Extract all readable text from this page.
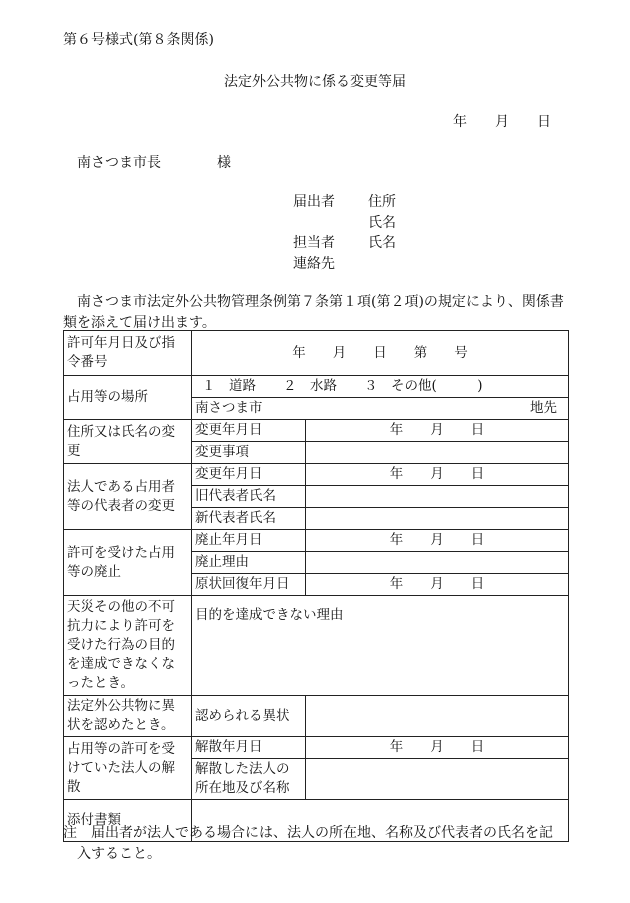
第６号様式(第８条関係)
法定外公共物に係る変更等届
年　　月　　日
南さつま市長	様
届出者 住所
氏名
担当者 氏名
連絡先
南さつま市法定外公共物管理条例第７条第１項(第２項)の規定により、関係書類を添えて届け出ます。
許可年月日及び指令番号	年　　月　　日　　第　　号	
占用等の場所	１　道路　　２　水路　　３　その他(　　　)	
	南さつま市 地先	

住所又は氏名の変更	変更年月日	年　　月　　日
	変更事項	
法人である占用者等の代表者の変更	変更年月日	年　　月　　日
	旧代表者氏名	
	新代表者氏名	
許可を受けた占用等の廃止	廃止年月日	年　　月　　日
	廃止理由	
	原状回復年月日	年　　月　　日
天災その他の不可抗力により許可を受けた行為の目的を達成できなくなったとき。	目的を達成できない理由	
法定外公共物に異状を認めたとき。	認められる異状	
占用等の許可を受けていた法人の解散	解散年月日	年　　月　　日
	解散した法人の所在地及び名称	
添付書類		
注　届出者が法人である場合には、法人の所在地、名称及び代表者の氏名を記
入すること。
